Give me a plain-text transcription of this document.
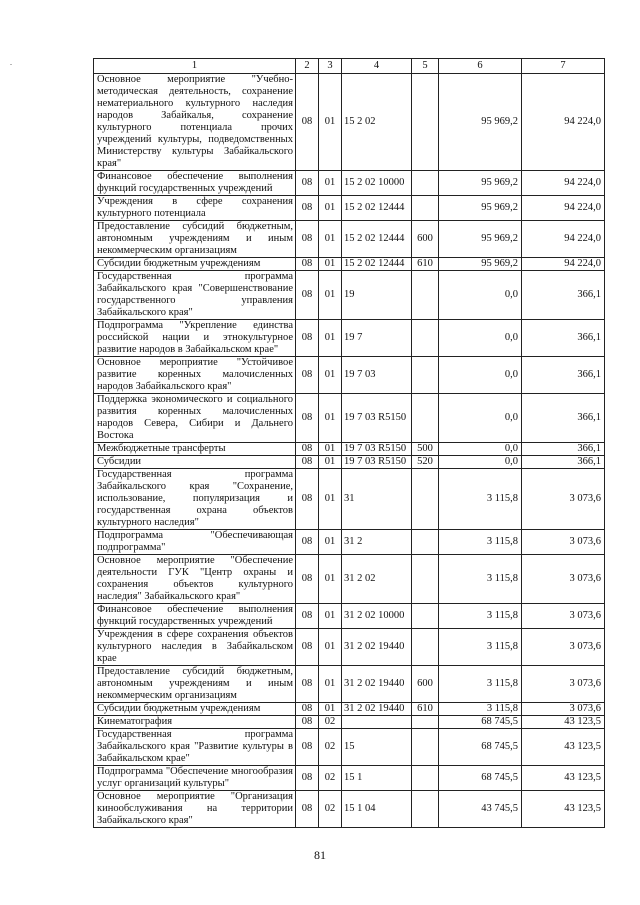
.	1	2	3	4	5	6	7
Основное мероприятие "Учебно-методическая деятельность, сохранение нематериального культурного наследия народов Забайкалья, сохранение культурного потенциала прочих учреждений культуры, подведомственных Министерству культуры Забайкальского края"	08	01	15 2 02		95 969,2	94 224,0
Финансовое обеспечение выполнения функций государственных учреждений	08	01	15 2 02 10000		95 969,2	94 224,0
Учреждения в сфере сохранения культурного потенциала	08	01	15 2 02 12444		95 969,2	94 224,0
Предоставление субсидий бюджетным, автономным учреждениям и иным некоммерческим организациям	08	01	15 2 02 12444	600	95 969,2	94 224,0
Субсидии бюджетным учреждениям	08	01	15 2 02 12444	610	95 969,2	94 224,0
Государственная программа Забайкальского края "Совершенствование государственного управления Забайкальского края"	08	01	19		0,0	366,1
Подпрограмма "Укрепление единства российской нации и этнокультурное развитие народов в Забайкальском крае"	08	01	19 7		0,0	366,1
Основное мероприятие "Устойчивое развитие коренных малочисленных народов Забайкальского края"	08	01	19 7 03		0,0	366,1
Поддержка экономического и социального развития коренных малочисленных народов Севера, Сибири и Дальнего Востока	08	01	19 7 03 R5150		0,0	366,1
Межбюджетные трансферты	08	01	19 7 03 R5150	500	0,0	366,1
Субсидии	08	01	19 7 03 R5150	520	0,0	366,1
Государственная программа Забайкальского края "Сохранение, использование, популяризация и государственная охрана объектов культурного наследия"	08	01	31		3 115,8	3 073,6
Подпрограмма "Обеспечивающая подпрограмма"	08	01	31 2		3 115,8	3 073,6
Основное мероприятие "Обеспечение деятельности ГУК "Центр охраны и сохранения объектов культурного наследия" Забайкальского края"	08	01	31 2 02		3 115,8	3 073,6
Финансовое обеспечение выполнения функций государственных учреждений	08	01	31 2 02 10000		3 115,8	3 073,6
Учреждения в сфере сохранения объектов культурного наследия в Забайкальском крае	08	01	31 2 02 19440		3 115,8	3 073,6
Предоставление субсидий бюджетным, автономным учреждениям и иным некоммерческим организациям	08	01	31 2 02 19440	600	3 115,8	3 073,6
Субсидии бюджетным учреждениям	08	01	31 2 02 19440	610	3 115,8	3 073,6
Кинематография	08	02			68 745,5	43 123,5
Государственная программа Забайкальского края "Развитие культуры в Забайкальском крае"	08	02	15		68 745,5	43 123,5
Подпрограмма "Обеспечение многообразия услуг организаций культуры"	08	02	15 1		68 745,5	43 123,5
Основное мероприятие "Организация кинообслуживания на территории Забайкальского края"	08	02	15 1 04		43 745,5	43 123,5
81
